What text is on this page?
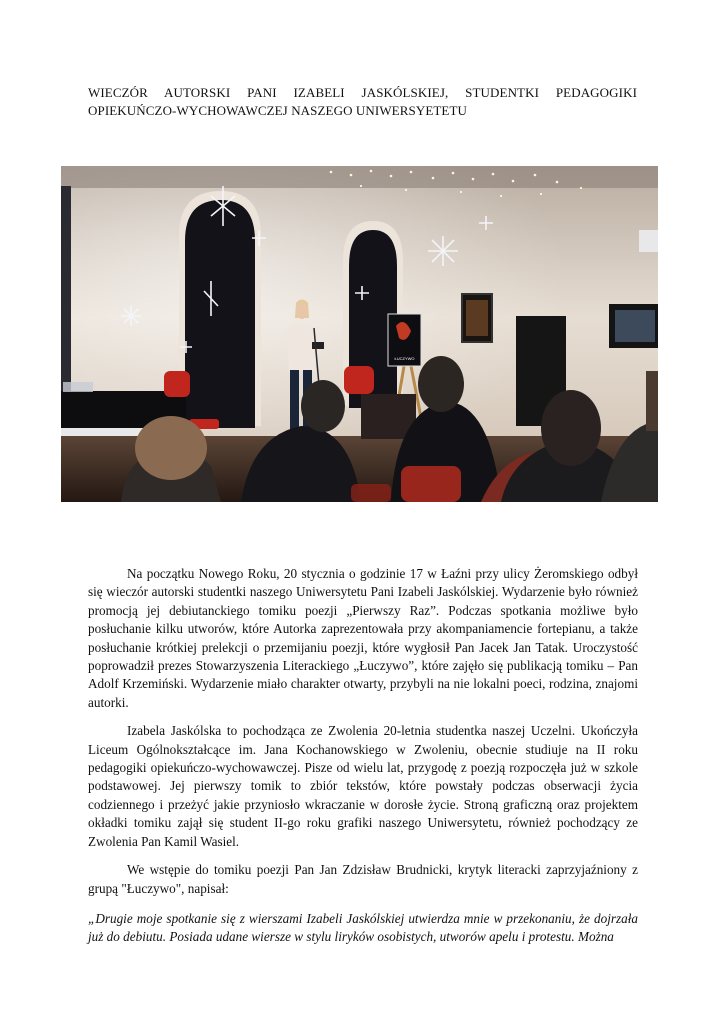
WIECZÓR AUTORSKI PANI IZABELI JASKÓLSKIEJ, STUDENTKI PEDAGOGIKI
OPIEKUŃCZO-WYCHOWAWCZEJ NASZEGO UNIWERSYETETU
ŁUCZYWO

Na początku Nowego Roku, 20 stycznia o godzinie 17 w Łaźni przy ulicy Żeromskiego odbył się wieczór autorski studentki naszego Uniwersytetu Pani Izabeli Jaskólskiej. Wydarzenie było również promocją jej debiutanckiego tomiku poezji „Pierwszy Raz”. Podczas spotkania możliwe było posłuchanie kilku utworów, które Autorka zaprezentowała przy akompaniamencie fortepianu, a także posłuchanie krótkiej prelekcji o przemijaniu poezji, które wygłosił Pan Jacek Jan Tatak. Uroczystość poprowadził prezes Stowarzyszenia Literackiego „Łuczywo”, które zajęło się publikacją tomiku – Pan Adolf Krzemiński. Wydarzenie miało charakter otwarty, przybyli na nie lokalni poeci, rodzina, znajomi autorki.

Izabela Jaskólska to pochodząca ze Zwolenia 20-letnia studentka naszej Uczelni. Ukończyła Liceum Ogólnokształcące im. Jana Kochanowskiego w Zwoleniu, obecnie studiuje na II roku pedagogiki opiekuńczo-wychowawczej. Pisze od wielu lat, przygodę z poezją rozpoczęła już w szkole podstawowej. Jej pierwszy tomik to zbiór tekstów, które powstały podczas obserwacji życia codziennego i przeżyć jakie przyniosło wkraczanie w dorosłe życie. Stroną graficzną oraz projektem okładki tomiku zajął się student II-go roku grafiki naszego Uniwersytetu, również pochodzący ze Zwolenia Pan Kamil Wasiel.

We wstępie do tomiku poezji Pan Jan Zdzisław Brudnicki, krytyk literacki zaprzyjaźniony z grupą "Łuczywo", napisał:

„Drugie moje spotkanie się z wierszami Izabeli Jaskólskiej utwierdza mnie w przekonaniu, że dojrzała już do debiutu. Posiada udane wiersze w stylu liryków osobistych, utworów apelu i protestu. Można
